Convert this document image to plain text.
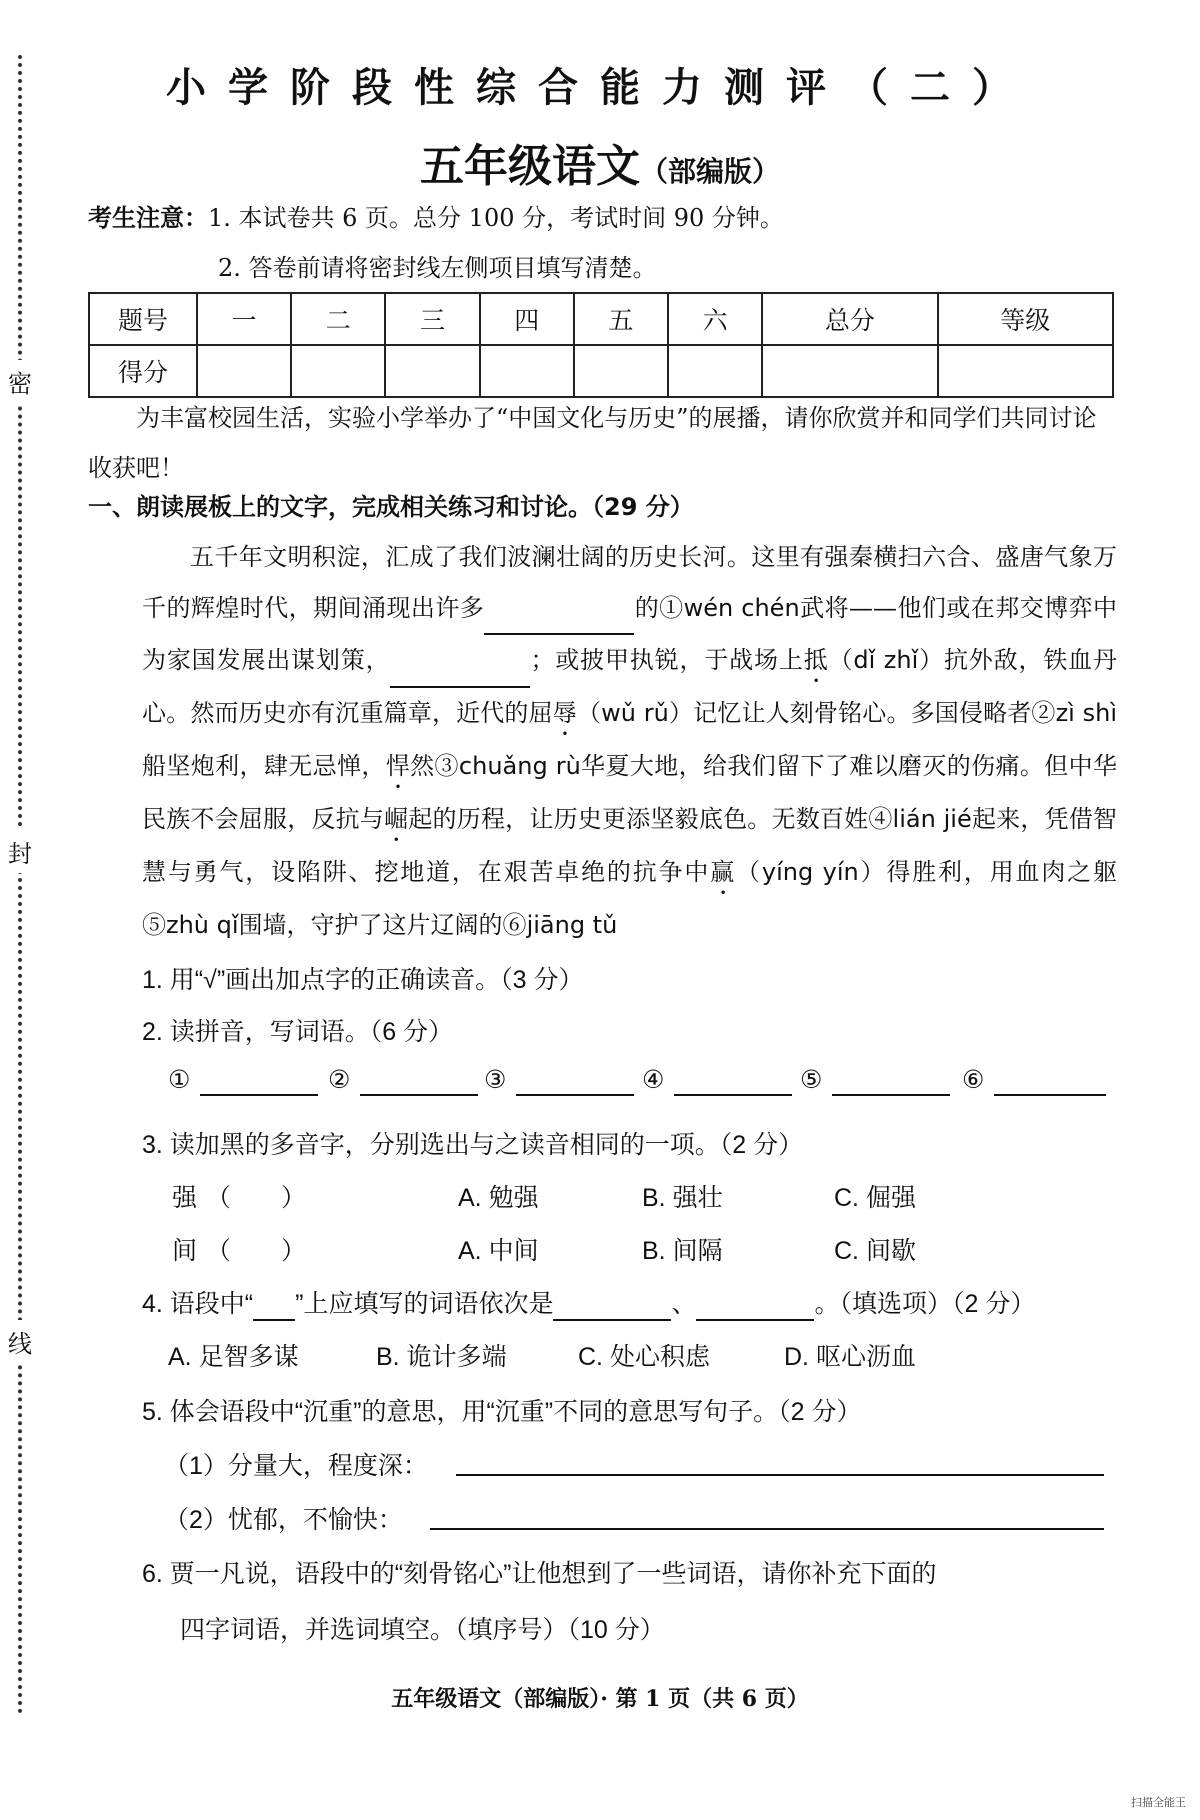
密
封
线
小学阶段性综合能力测评（二）
五年级语文（部编版）
考生注意：1. 本试卷共 6 页。总分 100 分，考试时间 90 分钟。
2. 答卷前请将密封线左侧项目填写清楚。
题号	一	二	三	四	五	六	总分	等级
得分								
为丰富校园生活，实验小学举办了“中国文化与历史”的展播，请你欣赏并和同学们共同讨论收获吧！
一、朗读展板上的文字，完成相关练习和讨论。（29 分）
五千年文明积淀，汇成了我们波澜壮阔的历史长河。这里有强秦横扫六合、盛唐气象万千的辉煌时代，期间涌现出许多	的①wén chén武将——他们或在邦交博弈中为家国发展出谋划策，	；或披甲执锐，于战场上抵（dǐ zhǐ）抗外敌，铁血丹心。然而历史亦有沉重篇章，近代的屈辱（wǔ rǔ）记忆让人刻骨铭心。多国侵略者②zì shì船坚炮利，肆无忌惮，悍然③chuǎng rù华夏大地，给我们留下了难以磨灭的伤痛。但中华民族不会屈服，反抗与崛起的历程，让历史更添坚毅底色。无数百姓④lián jié起来，凭借智慧与勇气，设陷阱、挖地道，在艰苦卓绝的抗争中赢（yíng yín）得胜利，用血肉之躯⑤zhù qǐ围墙，守护了这片辽阔的⑥jiāng tǔ
1. 用“√”画出加点字的正确读音。（3 分）
2. 读拼音，写词语。（6 分）
①	②	③	④	⑤	⑥
3. 读加黑的多音字，分别选出与之读音相同的一项。（2 分）
强 （　　）	A. 勉强	B. 强壮	C. 倔强
间 （　　）	A. 中间	B. 间隔	C. 间歇
4. 语段中“ ”上应填写的词语依次是	、	。（填选项）（2 分）
A. 足智多谋	B. 诡计多端	C. 处心积虑	D. 呕心沥血
5. 体会语段中“沉重”的意思，用“沉重”不同的意思写句子。（2 分）
（1）分量大，程度深：
（2）忧郁，不愉快：
6. 贾一凡说，语段中的“刻骨铭心”让他想到了一些词语，请你补充下面的
四字词语，并选词填空。（填序号）（10 分）
五年级语文（部编版）· 第 1 页（共 6 页）
扫描全能王
